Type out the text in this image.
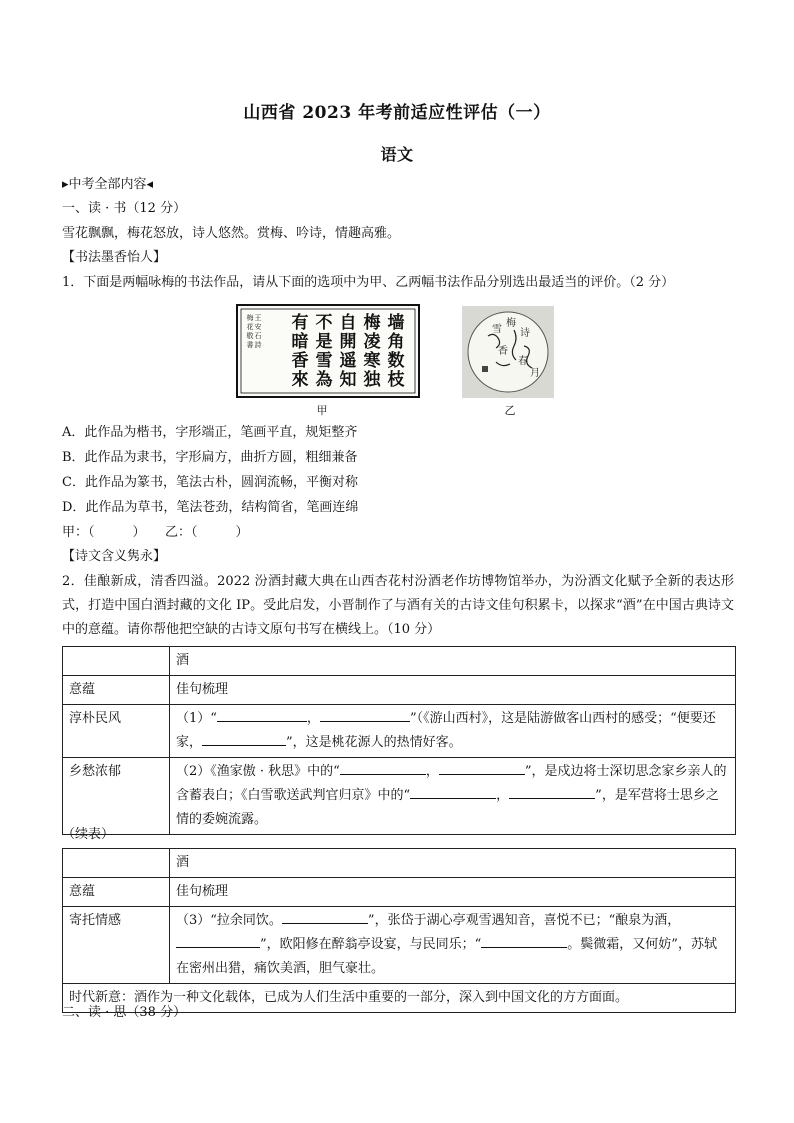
山西省 2023 年考前适应性评估（一）
语文
▸中考全部内容◂
一、读 · 书（12 分）
雪花飘飘，梅花怒放，诗人悠然。赏梅、吟诗，情趣高雅。
【书法墨香怡人】
1．下面是两幅咏梅的书法作品，请从下面的选项中为甲、乙两幅书法作品分别选出最适当的评价。（2 分）
墙
角
数
枝
梅
凌
寒
独
自
開
遥
知
不
是
雪
為
有
暗
香
來
王
安
石
詩
梅
花
敬
書
甲
雪
梅
诗
香
春
月
乙
A．此作品为楷书，字形端正，笔画平直，规矩整齐
B．此作品为隶书，字形扁方，曲折方圆，粗细兼备
C．此作品为篆书，笔法古朴，圆润流畅，平衡对称
D．此作品为草书，笔法苍劲，结构简省，笔画连绵
甲：（	）　　乙：（	）
【诗文含义隽永】
2．佳酿新成，清香四溢。2022 汾酒封藏大典在山西杏花村汾酒老作坊博物馆举办，为汾酒文化赋予全新的表达形式，打造中国白酒封藏的文化 IP。受此启发，小晋制作了与酒有关的古诗文佳句积累卡，以探求“酒”在中国古典诗文中的意蕴。请你帮他把空缺的古诗文原句书写在横线上。（10 分）
	酒
意蕴	佳句梳理
淳朴民风	（1）“ ， ”（《游山西村》，这是陆游做客山西村的感受；“便要还家， ”，这是桃花源人的热情好客。
乡愁浓郁	（2）《渔家傲 · 秋思》中的“ ， ”，是戍边将士深切思念家乡亲人的含蓄表白；《白雪歌送武判官归京》中的“ ， ”，是军营将士思乡之情的委婉流露。
（续表）
	酒
意蕴	佳句梳理
寄托情感	（3）“拉余同饮。 ”，张岱于湖心亭观雪遇知音，喜悦不已；“酿泉为酒，”，欧阳修在醉翁亭设宴，与民同乐；“ 。鬓微霜，又何妨”，苏轼在密州出猎，痛饮美酒，胆气豪壮。
时代新意：酒作为一种文化载体，已成为人们生活中重要的一部分，深入到中国文化的方方面面。	
二、读 · 思（38 分）
